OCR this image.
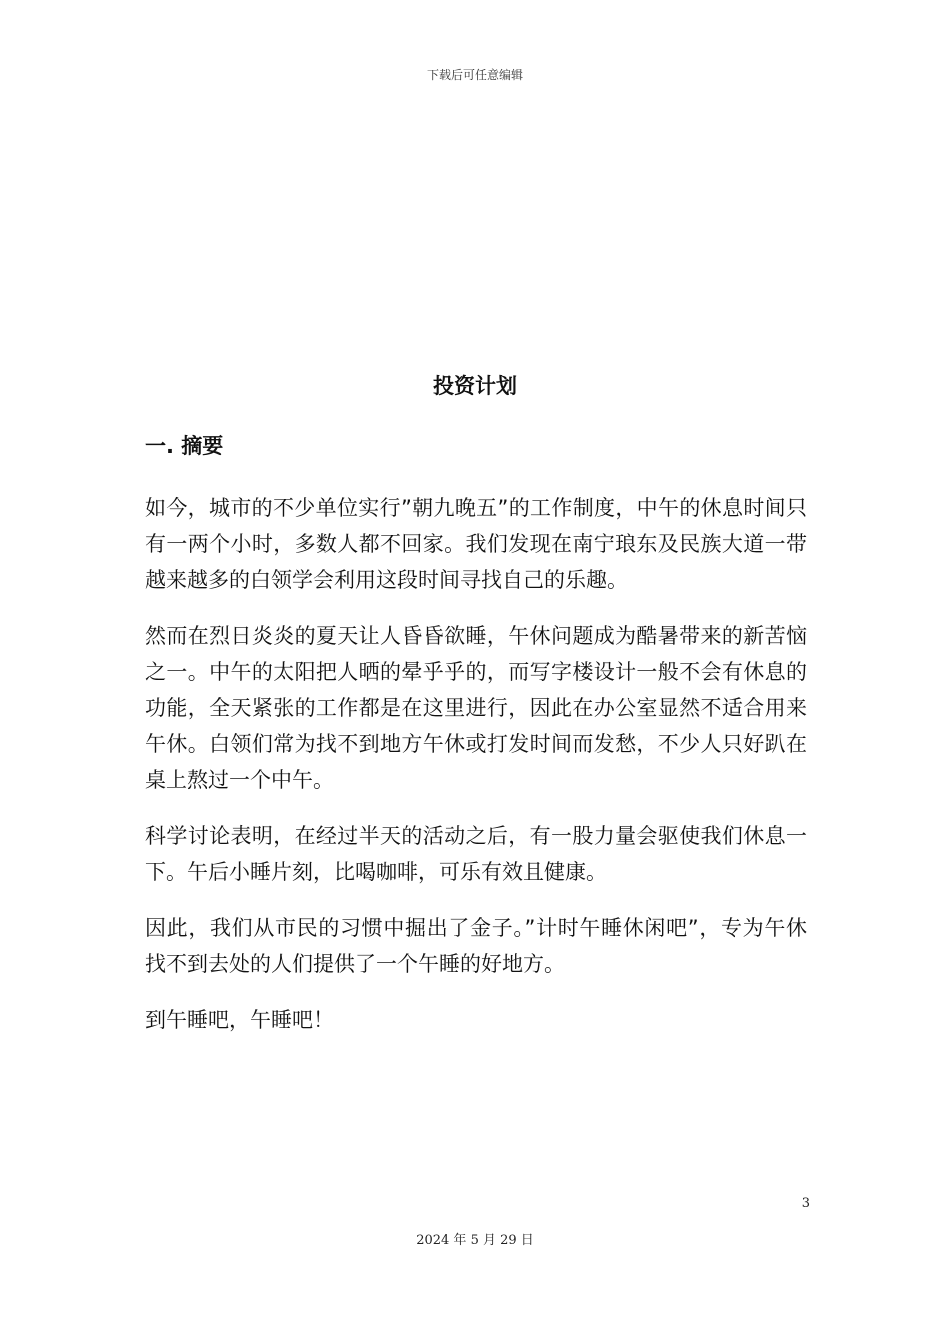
下载后可任意编辑
投资计划
一. 摘要

如今，城市的不少单位实行”朝九晚五”的工作制度，中午的休息时间只有一两个小时，多数人都不回家。我们发现在南宁琅东及民族大道一带越来越多的白领学会利用这段时间寻找自己的乐趣。

然而在烈日炎炎的夏天让人昏昏欲睡，午休问题成为酷暑带来的新苦恼之一。中午的太阳把人晒的晕乎乎的，而写字楼设计一般不会有休息的功能，全天紧张的工作都是在这里进行，因此在办公室显然不适合用来午休。白领们常为找不到地方午休或打发时间而发愁，不少人只好趴在桌上熬过一个中午。

科学讨论表明，在经过半天的活动之后，有一股力量会驱使我们休息一下。午后小睡片刻，比喝咖啡，可乐有效且健康。

因此，我们从市民的习惯中掘出了金子。”计时午睡休闲吧”，专为午休找不到去处的人们提供了一个午睡的好地方。

到午睡吧，午睡吧！

3
2024 年 5 月 29 日
